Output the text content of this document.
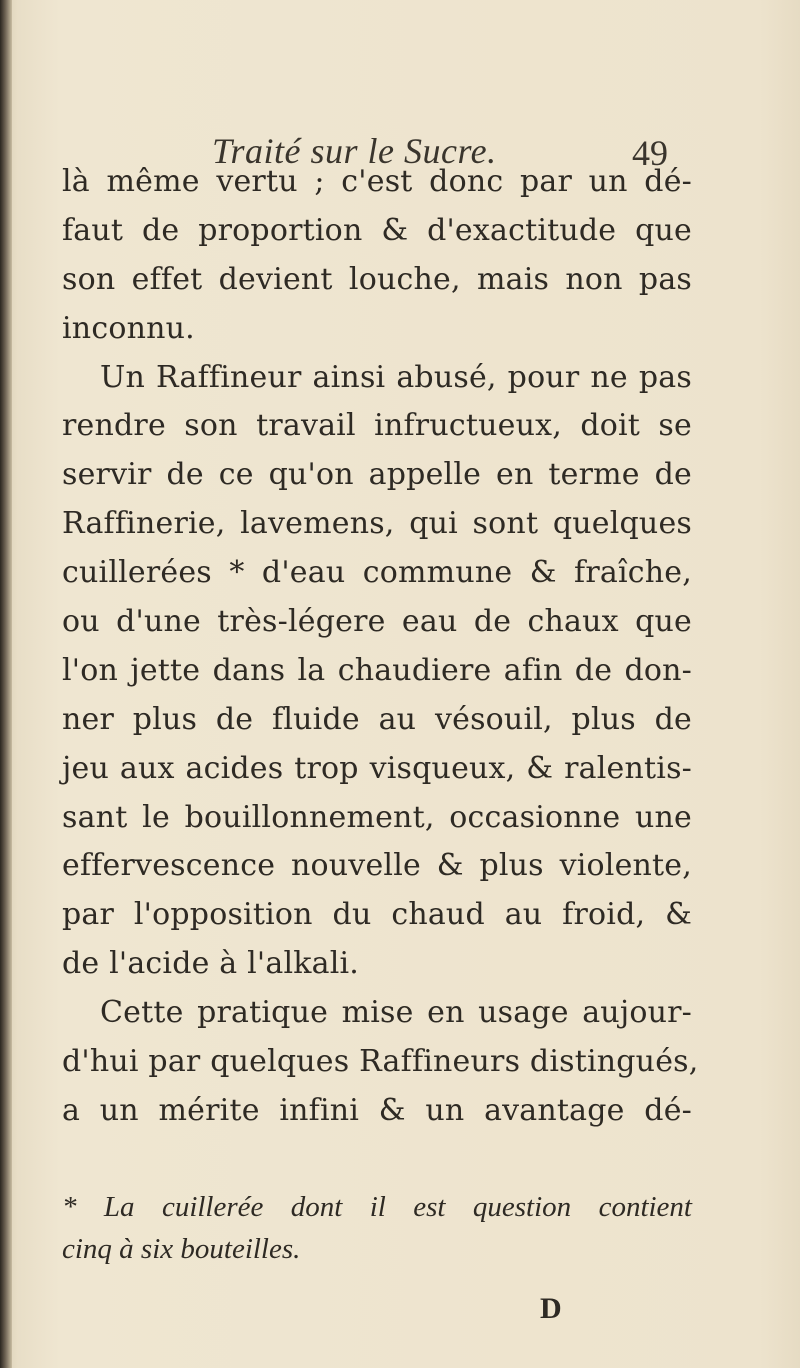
Traité sur le Sucre.	49
là même vertu ; c'est donc par un dé-
faut de proportion & d'exactitude que
son effet devient louche, mais non pas
inconnu.
Un Raffineur ainsi abusé, pour ne pas
rendre son travail infructueux, doit se
servir de ce qu'on appelle en terme de
Raffinerie, lavemens, qui sont quelques
cuillerées * d'eau commune & fraîche,
ou d'une très-légere eau de chaux que
l'on jette dans la chaudiere afin de don-
ner plus de fluide au vésouil, plus de
jeu aux acides trop visqueux, & ralentis-
sant le bouillonnement, occasionne une
effervescence nouvelle & plus violente,
par l'opposition du chaud au froid, &
de l'acide à l'alkali.
Cette pratique mise en usage aujour-
d'hui par quelques Raffineurs distingués,
a un mérite infini & un avantage dé-
* La cuillerée dont il est question contient
cinq à six bouteilles.
D
